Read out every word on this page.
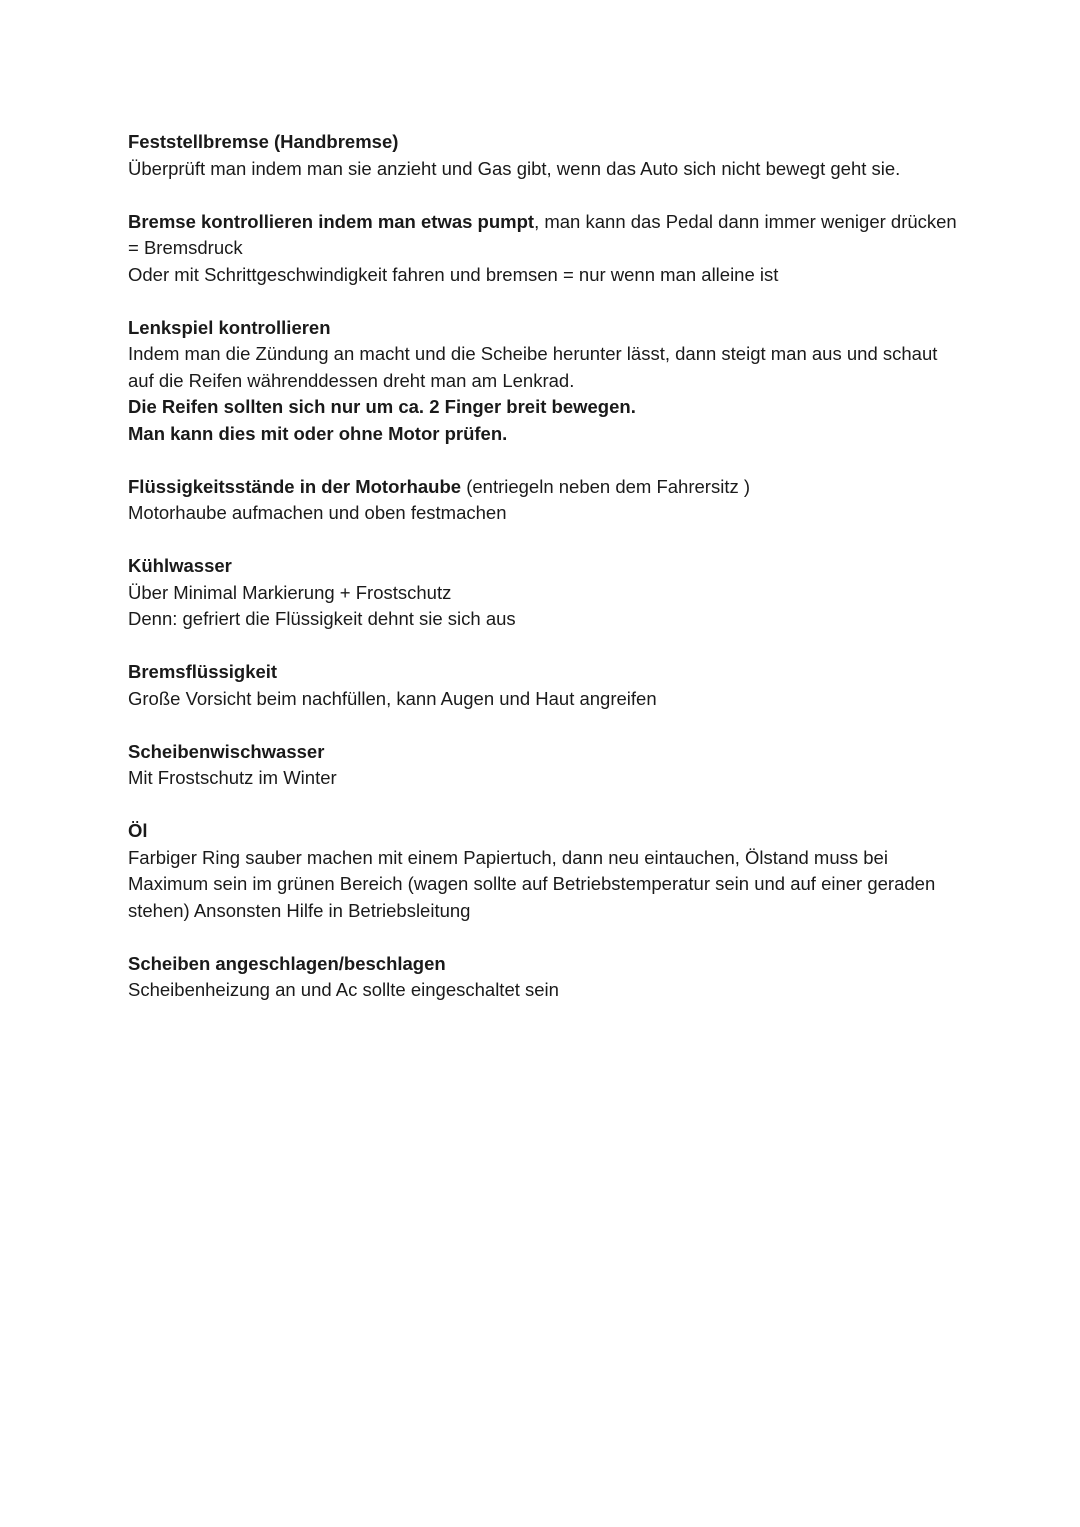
Feststellbremse (Handbremse)

Überprüft man indem man sie anzieht und Gas gibt, wenn das Auto sich nicht bewegt geht sie.

Bremse kontrollieren indem man etwas pumpt, man kann das Pedal dann immer weniger drücken = Bremsdruck

Oder mit Schrittgeschwindigkeit fahren und bremsen = nur wenn man alleine ist

Lenkspiel kontrollieren

Indem man die Zündung an macht und die Scheibe herunter lässt, dann steigt man aus und schaut auf die Reifen währenddessen dreht man am Lenkrad.

Die Reifen sollten sich nur um ca. 2 Finger breit bewegen.

Man kann dies mit oder ohne Motor prüfen.

Flüssigkeitsstände in der Motorhaube (entriegeln neben dem Fahrersitz )

Motorhaube aufmachen und oben festmachen

Kühlwasser

Über Minimal Markierung + Frostschutz

Denn: gefriert die Flüssigkeit dehnt sie sich aus

Bremsflüssigkeit

Große Vorsicht beim nachfüllen, kann Augen und Haut angreifen

Scheibenwischwasser

Mit Frostschutz im Winter

Öl

Farbiger Ring sauber machen mit einem Papiertuch, dann neu eintauchen, Ölstand muss bei Maximum sein im grünen Bereich (wagen sollte auf Betriebstemperatur sein und auf einer geraden stehen) Ansonsten Hilfe in Betriebsleitung

Scheiben angeschlagen/beschlagen

Scheibenheizung an und Ac sollte eingeschaltet sein
